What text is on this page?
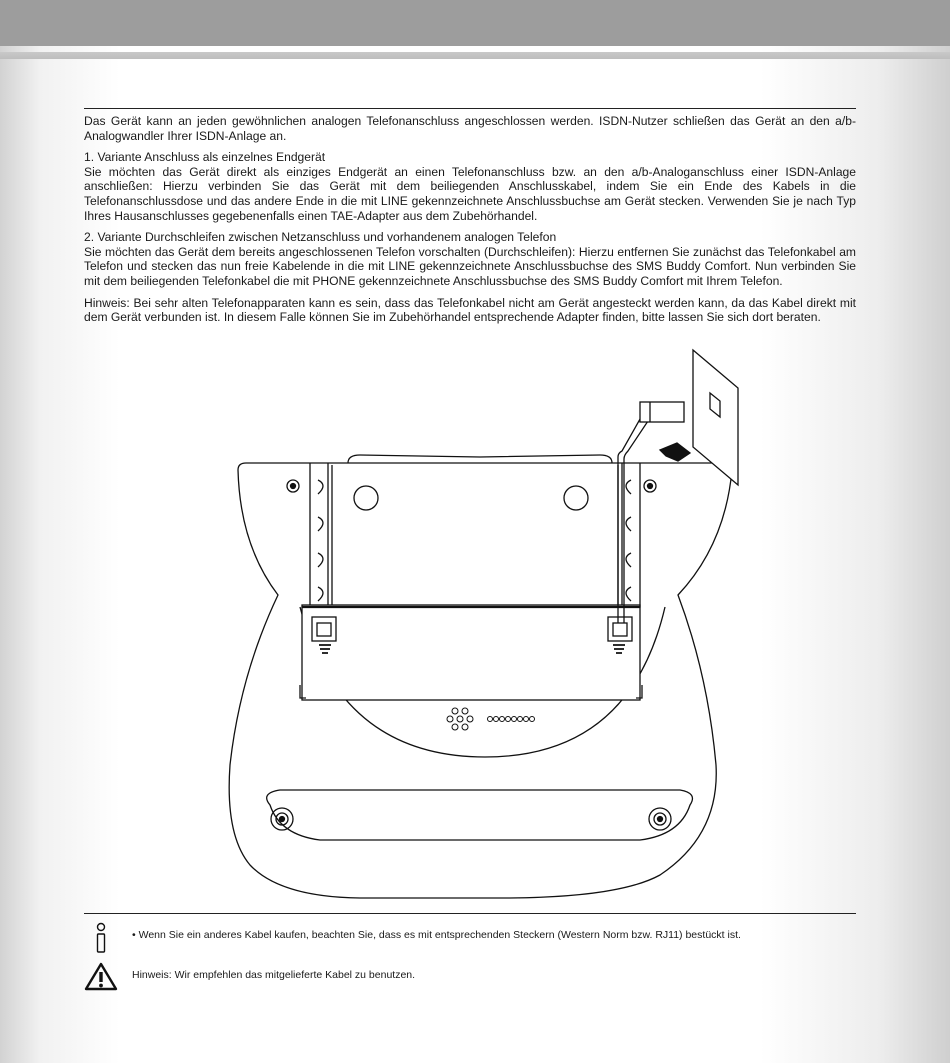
Das Gerät kann an jeden gewöhnlichen analogen Telefonanschluss angeschlossen werden. ISDN-Nutzer schließen das Gerät an den a/b-Analogwandler Ihrer ISDN-Anlage an.

1. Variante Anschluss als einzelnes Endgerät

Sie möchten das Gerät direkt als einziges Endgerät an einen Telefonanschluss bzw. an den a/b-Analoganschluss einer ISDN-Anlage anschließen: Hierzu verbinden Sie das Gerät mit dem beiliegenden Anschlusskabel, indem Sie ein Ende des Kabels in die Telefonanschlussdose und das andere Ende in die mit LINE gekennzeichnete Anschlussbuchse am Gerät stecken. Verwenden Sie je nach Typ Ihres Hausanschlusses gegebenenfalls einen TAE-Adapter aus dem Zubehörhandel.

2. Variante Durchschleifen zwischen Netzanschluss und vorhandenem analogen Telefon

Sie möchten das Gerät dem bereits angeschlossenen Telefon vorschalten (Durchschleifen): Hierzu entfernen Sie zunächst das Telefonkabel am Telefon und stecken das nun freie Kabelende in die mit LINE gekennzeichnete Anschlussbuchse des SMS Buddy Comfort. Nun verbinden Sie mit dem beiliegenden Telefonkabel die mit PHONE gekennzeichnete Anschlussbuchse des SMS Buddy Comfort mit Ihrem Telefon.

Hinweis: Bei sehr alten Telefonapparaten kann es sein, dass das Telefonkabel nicht am Gerät angesteckt werden kann, da das Kabel direkt mit dem Gerät verbunden ist. In diesem Falle können Sie im Zubehörhandel entsprechende Adapter finden, bitte lassen Sie sich dort beraten.

• Wenn Sie ein anderes Kabel kaufen, beachten Sie, dass es mit entsprechenden Steckern (Western Norm bzw. RJ11) bestückt ist.
Hinweis: Wir empfehlen das mitgelieferte Kabel zu benutzen.
